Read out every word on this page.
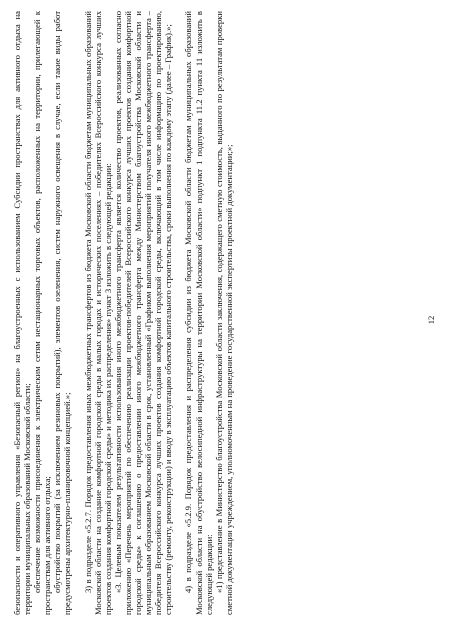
12

безопасности и оперативного управления «Безопасный регион» на благоустроенных с использованием Субсидии пространствах для активного отдыха на территории муниципальных образований Московской области; обеспечение возможности присоединения к электрическим сетям нестационарных торговых объектов, расположенных на территории, прилегающей к пространствам для активного отдыха; обустройство покрытий (за исключением резиновых покрытий), элементов озеленения, систем наружного освещения в случае, если такие виды работ предусмотрены архитектурно-планировочной концепцией.»; 3) в подразделе «5.2.7. Порядок предоставления иных межбюджетных трансфертов из бюджета Московской области бюджетам муниципальных образований Московской области на создание комфортной городской среды в малых городах и исторических поселениях – победителях Всероссийского конкурса лучших проектов создания комфортной городской среды» и методика их распределения» пункт 3 изложить в следующей редакции: «3. Целевым показателем результативности использования иного межбюджетного трансферта является количество проектов, реализованных согласно приложению «Перечень мероприятий по обеспечению реализации проектов-победителей Всероссийского конкурса лучших проектов создания комфортной городской среды» к соглашению о предоставлении иного межбюджетного трансферта между Министерством благоустройства Московской области и муниципальным образованием Московской области в срок, установленный «Графиком выполнения мероприятий получателя иного межбюджетного трансферта – победителя Всероссийского конкурса лучших проектов создания комфортной городской среды, включающий в том числе информацию по проектированию, строительству (ремонту, реконструкции) и вводу в эксплуатацию объектов капитального строительства, сроки выполнения по каждому этапу (далее – График).»; 4) в подразделе «5.2.9. Порядок предоставления и распределения субсидии из бюджета Московской области бюджетам муниципальных образований Московской области на обустройство велосипедной инфраструктуры на территории Московской области» подпункт 1 подпункта 11.2 пункта 11 изложить в следующей редакции: «1) представление в Министерство благоустройства Московской области заключения, содержащего сметную стоимость, выданного по результатам проверки сметной документации учреждением, уполномоченным на проведение государственной экспертизы проектной документации;»;
